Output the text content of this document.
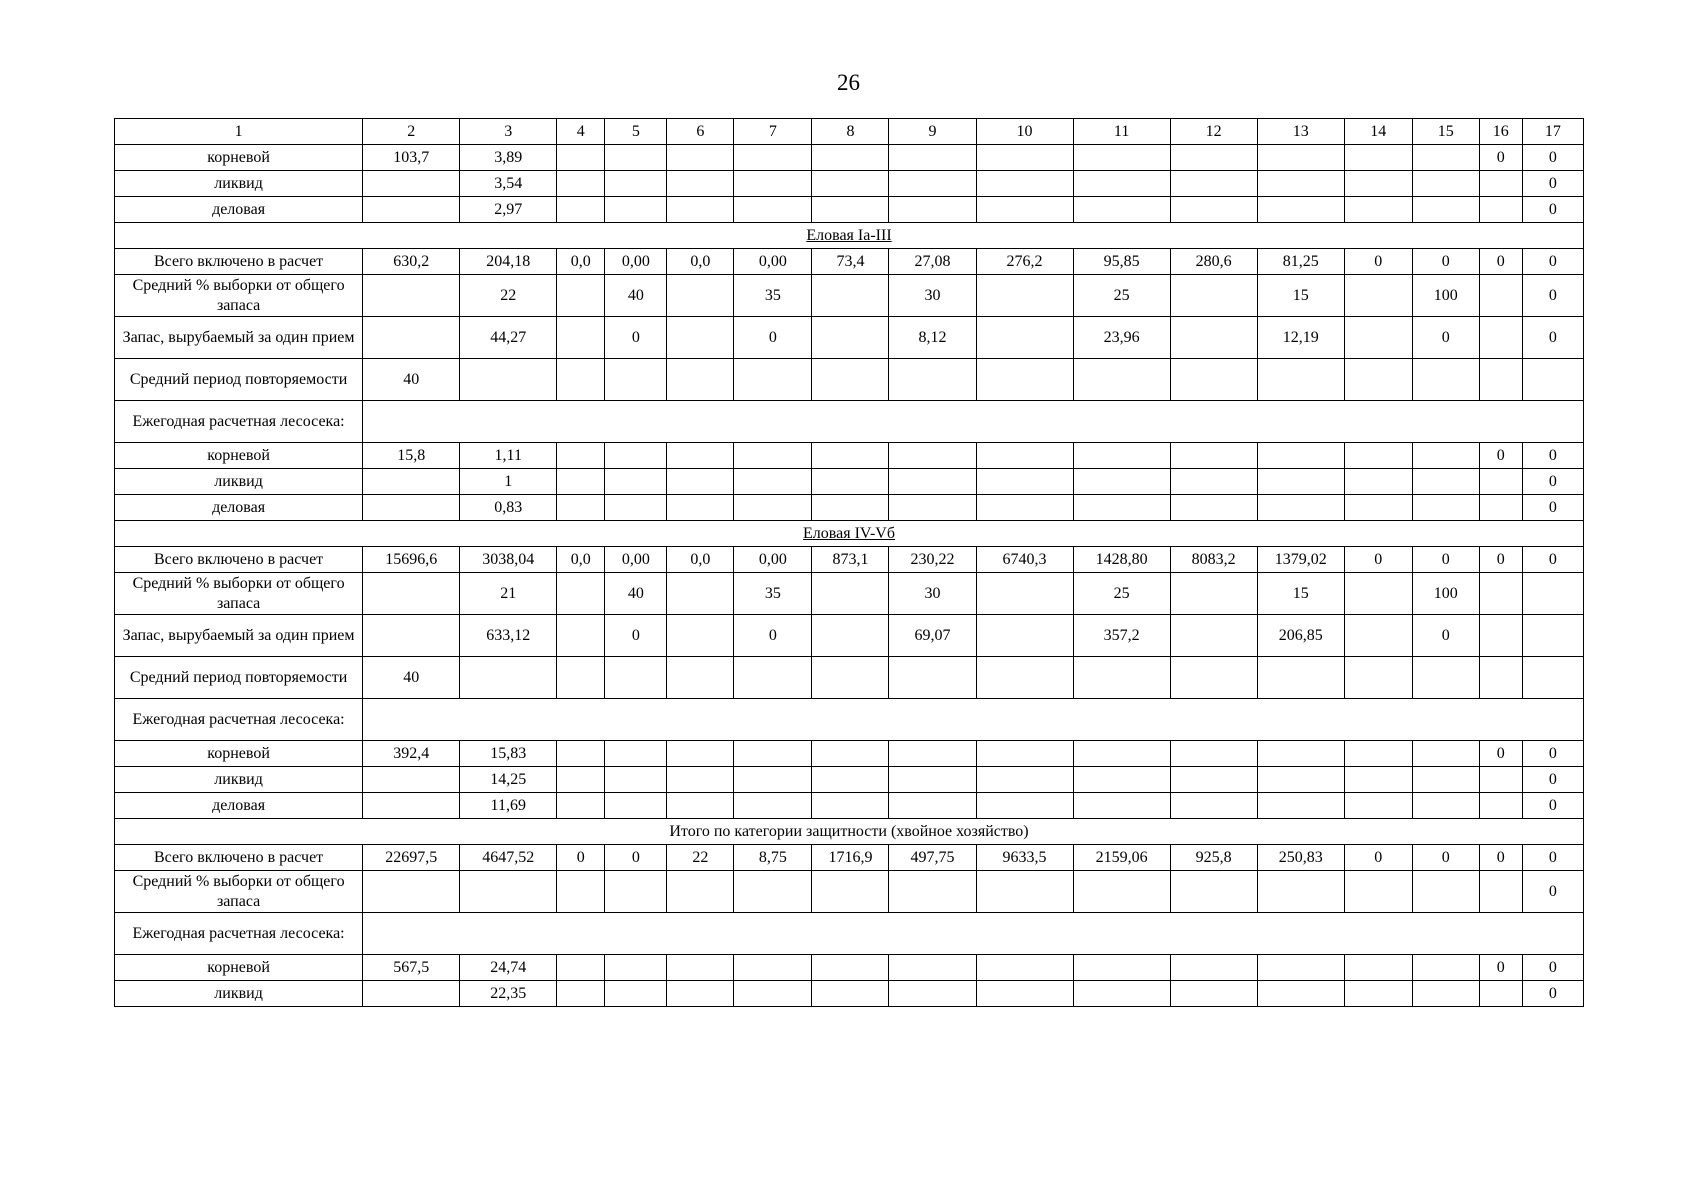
26
1	2	3	4	5	6	7	8	9	10	11	12	13	14	15	16	17
корневой	103,7	3,89													0	0
ликвид		3,54														0
деловая		2,97														0
Еловая Iа-III																
Всего включено в расчет	630,2	204,18	0,0	0,00	0,0	0,00	73,4	27,08	276,2	95,85	280,6	81,25	0	0	0	0
Средний % выборки от общего запаса		22		40		35		30		25		15		100		0
Запас, вырубаемый за один прием		44,27		0		0		8,12		23,96		12,19		0		0
Средний период повторяемости	40															
Ежегодная расчетная лесосека:																
корневой	15,8	1,11													0	0
ликвид		1														0
деловая		0,83														0
Еловая IV-Vб																
Всего включено в расчет	15696,6	3038,04	0,0	0,00	0,0	0,00	873,1	230,22	6740,3	1428,80	8083,2	1379,02	0	0	0	0
Средний % выборки от общего запаса		21		40		35		30		25		15		100		
Запас, вырубаемый за один прием		633,12		0		0		69,07		357,2		206,85		0		
Средний период повторяемости	40															
Ежегодная расчетная лесосека:																
корневой	392,4	15,83													0	0
ликвид		14,25														0
деловая		11,69														0
Итого по категории защитности (хвойное хозяйство)																
Всего включено в расчет	22697,5	4647,52	0	0	22	8,75	1716,9	497,75	9633,5	2159,06	925,8	250,83	0	0	0	0
Средний % выборки от общего запаса																0
Ежегодная расчетная лесосека:																
корневой	567,5	24,74													0	0
ликвид		22,35														0
